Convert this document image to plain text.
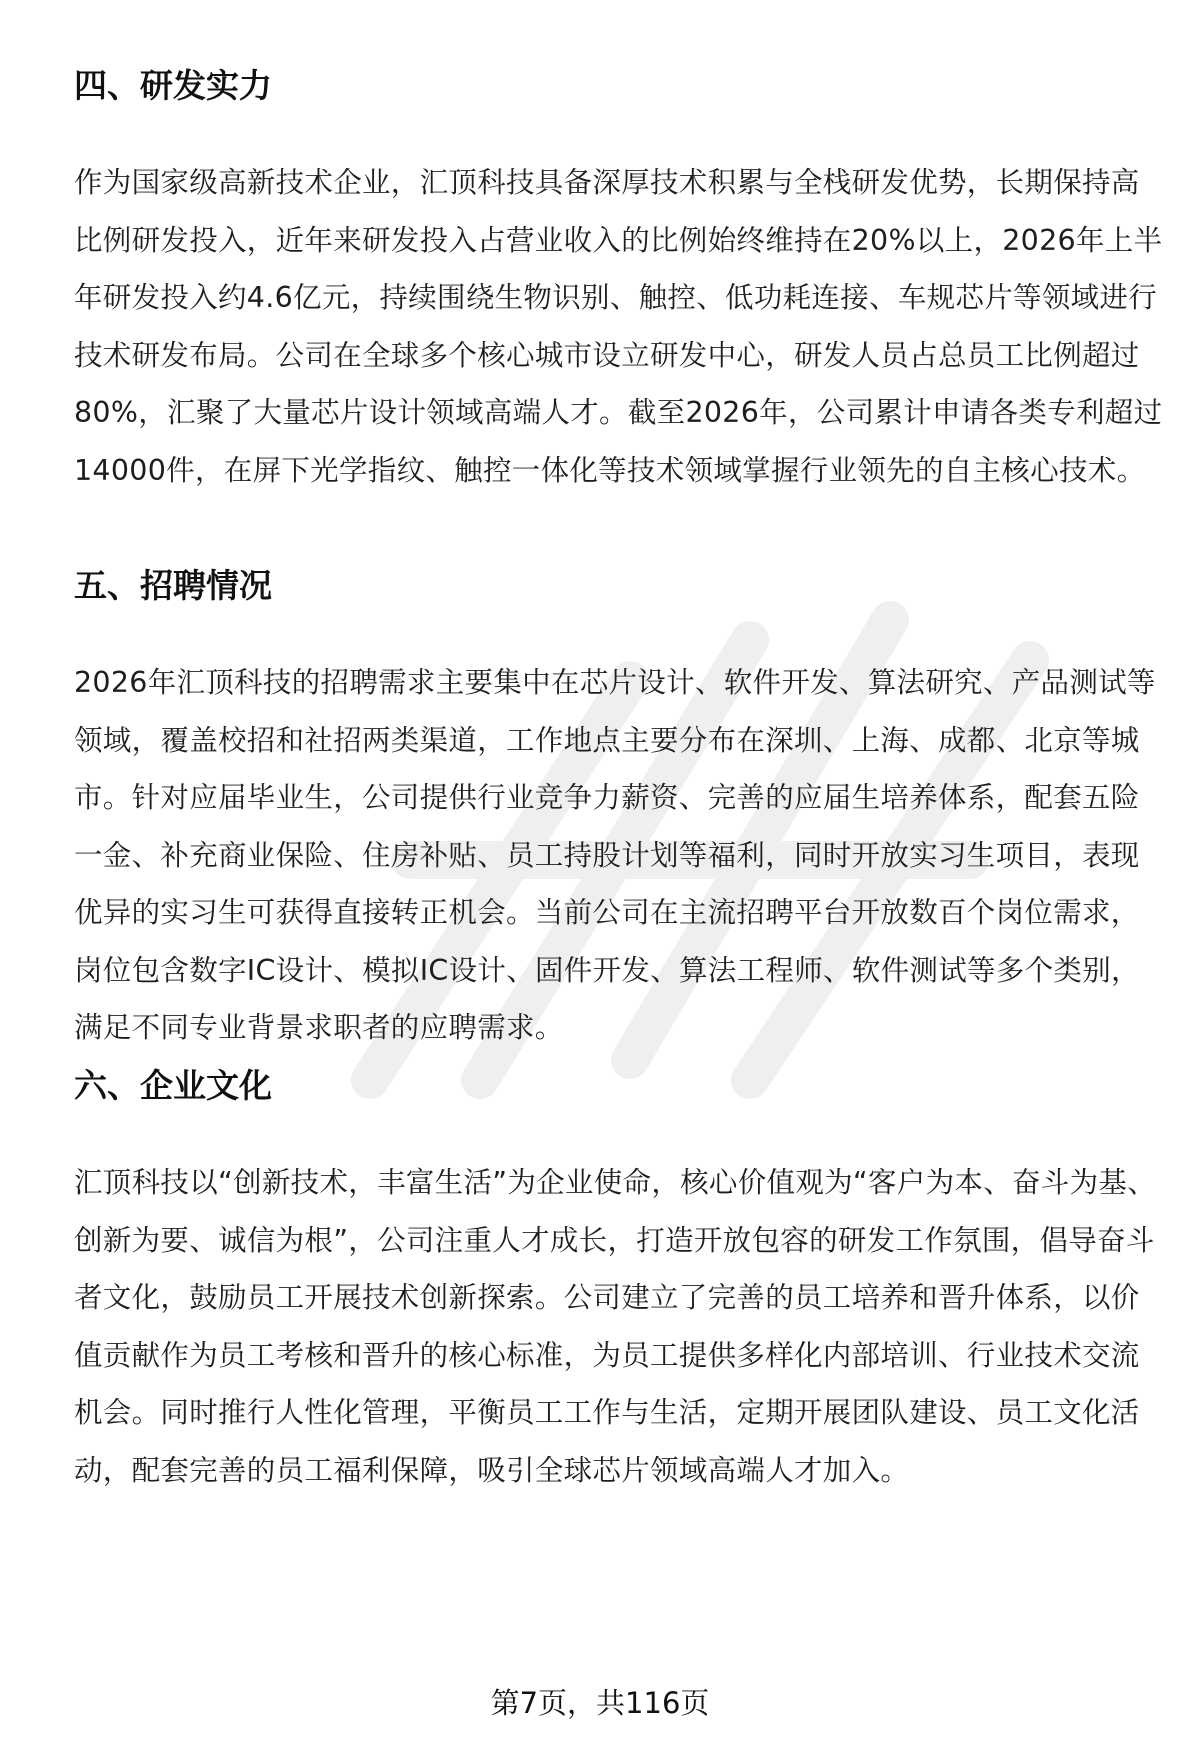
四、研发实力

作为国家级高新技术企业，汇顶科技具备深厚技术积累与全栈研发优势，长期保持高比例研发投入，近年来研发投入占营业收入的比例始终维持在20%以上，2026年上半年研发投入约4.6亿元，持续围绕生物识别、触控、低功耗连接、车规芯片等领域进行技术研发布局。公司在全球多个核心城市设立研发中心，研发人员占总员工比例超过80%，汇聚了大量芯片设计领域高端人才。截至2026年，公司累计申请各类专利超过14000件，在屏下光学指纹、触控一体化等技术领域掌握行业领先的自主核心技术。

五、招聘情况

2026年汇顶科技的招聘需求主要集中在芯片设计、软件开发、算法研究、产品测试等领域，覆盖校招和社招两类渠道，工作地点主要分布在深圳、上海、成都、北京等城市。针对应届毕业生，公司提供行业竞争力薪资、完善的应届生培养体系，配套五险一金、补充商业保险、住房补贴、员工持股计划等福利，同时开放实习生项目，表现优异的实习生可获得直接转正机会。当前公司在主流招聘平台开放数百个岗位需求，岗位包含数字IC设计、模拟IC设计、固件开发、算法工程师、软件测试等多个类别，满足不同专业背景求职者的应聘需求。

六、企业文化

汇顶科技以“创新技术，丰富生活”为企业使命，核心价值观为“客户为本、奋斗为基、创新为要、诚信为根”，公司注重人才成长，打造开放包容的研发工作氛围，倡导奋斗者文化，鼓励员工开展技术创新探索。公司建立了完善的员工培养和晋升体系，以价值贡献作为员工考核和晋升的核心标准，为员工提供多样化内部培训、行业技术交流机会。同时推行人性化管理，平衡员工工作与生活，定期开展团队建设、员工文化活动，配套完善的员工福利保障，吸引全球芯片领域高端人才加入。

第7页，共116页
